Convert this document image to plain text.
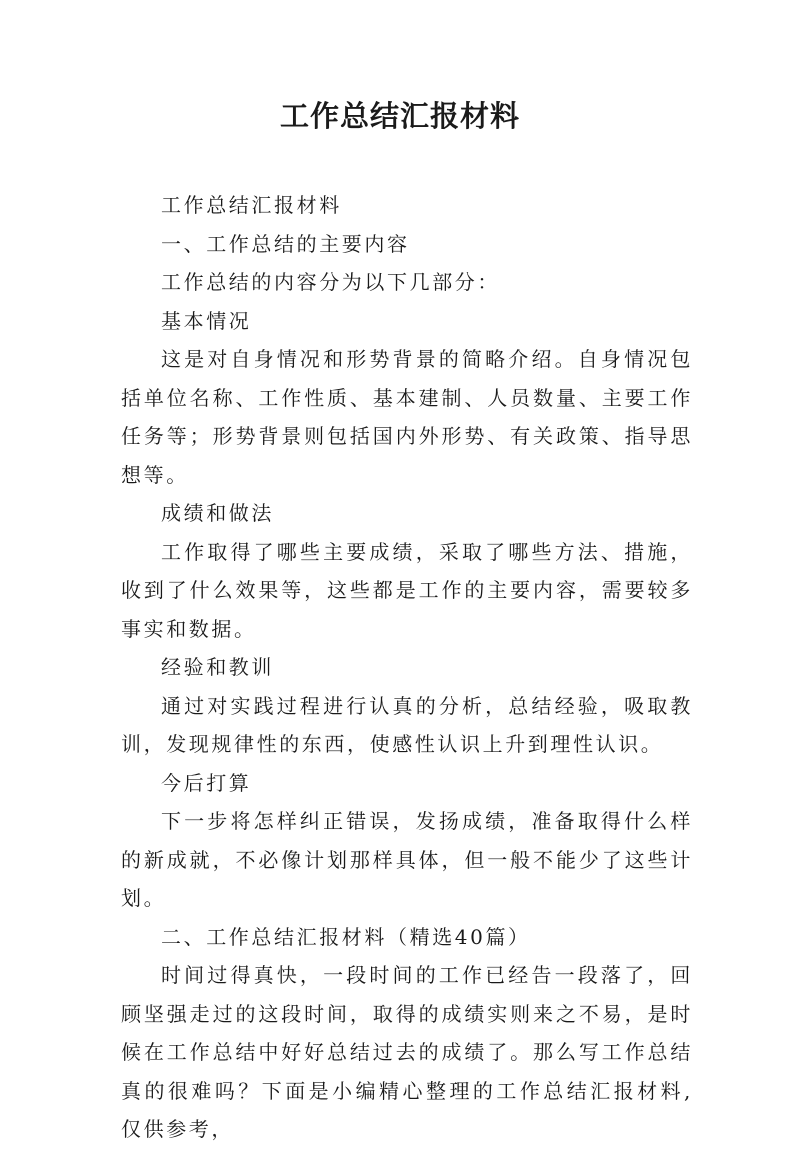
工作总结汇报材料

工作总结汇报材料

一、工作总结的主要内容

工作总结的内容分为以下几部分：

基本情况

这是对自身情况和形势背景的简略介绍。自身情况包括单位名称、工作性质、基本建制、人员数量、主要工作任务等；形势背景则包括国内外形势、有关政策、指导思想等。

成绩和做法

工作取得了哪些主要成绩，采取了哪些方法、措施，收到了什么效果等，这些都是工作的主要内容，需要较多事实和数据。

经验和教训

通过对实践过程进行认真的分析，总结经验，吸取教训，发现规律性的东西，使感性认识上升到理性认识。

今后打算

下一步将怎样纠正错误，发扬成绩，准备取得什么样的新成就，不必像计划那样具体，但一般不能少了这些计划。

二、工作总结汇报材料（精选40篇）

时间过得真快，一段时间的工作已经告一段落了，回顾坚强走过的这段时间，取得的成绩实则来之不易，是时候在工作总结中好好总结过去的成绩了。那么写工作总结真的很难吗？下面是小编精心整理的工作总结汇报材料,仅供参考，
